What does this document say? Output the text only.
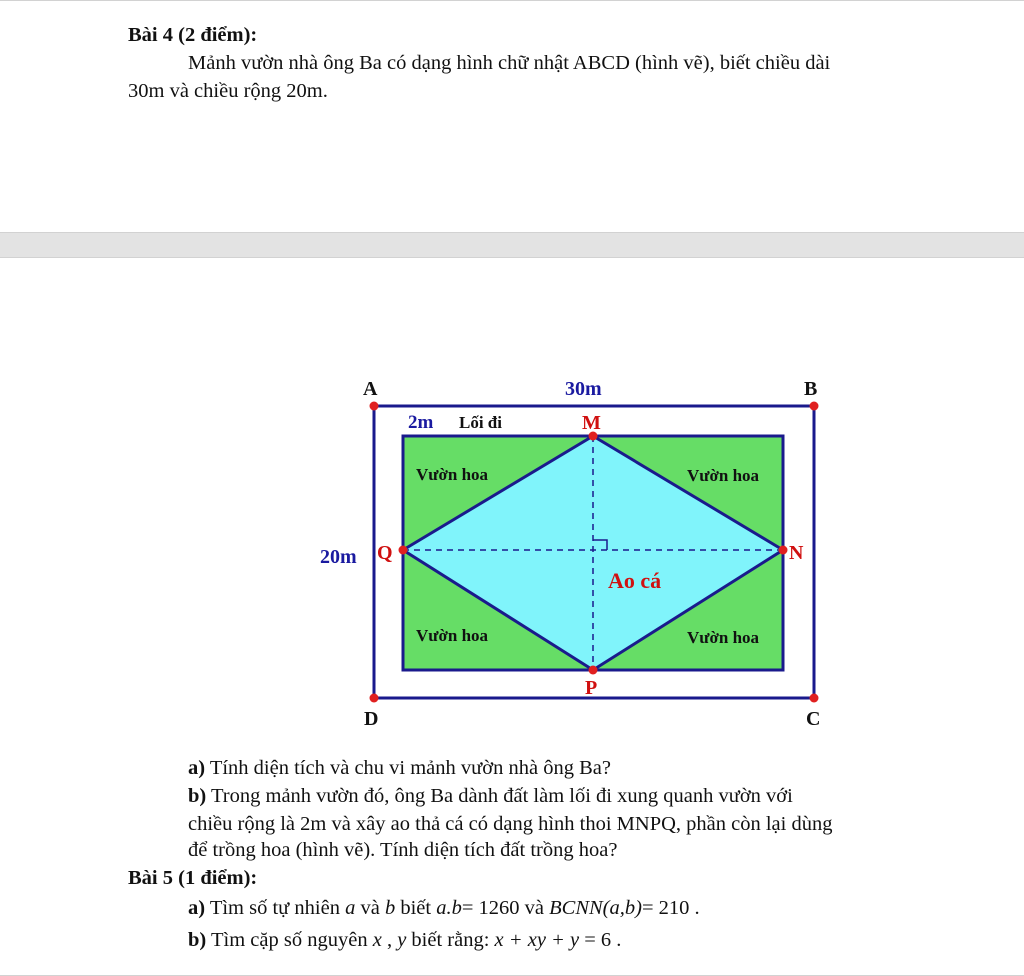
Bài 4 (2 điểm):
Mảnh vườn nhà ông Ba có dạng hình chữ nhật ABCD (hình vẽ), biết chiều dài
30m và chiều rộng 20m.
A	B
C
D
M
N
P
Q
30m
20m
2m Lối đi
Vườn hoa	Vườn hoa
Vườn hoa	Vườn hoa
Ao cá
a) Tính diện tích và chu vi mảnh vườn nhà ông Ba?
b) Trong mảnh vườn đó, ông Ba dành đất làm lối đi xung quanh vườn với
chiều rộng là 2m và xây ao thả cá có dạng hình thoi MNPQ, phần còn lại dùng
để trồng hoa (hình vẽ). Tính diện tích đất trồng hoa?
Bài 5 (1 điểm):
a) Tìm số tự nhiên a và b biết a.b= 1260 và BCNN(a,b)= 210 .
b) Tìm cặp số nguyên x , y biết rằng: x + xy + y = 6 .
